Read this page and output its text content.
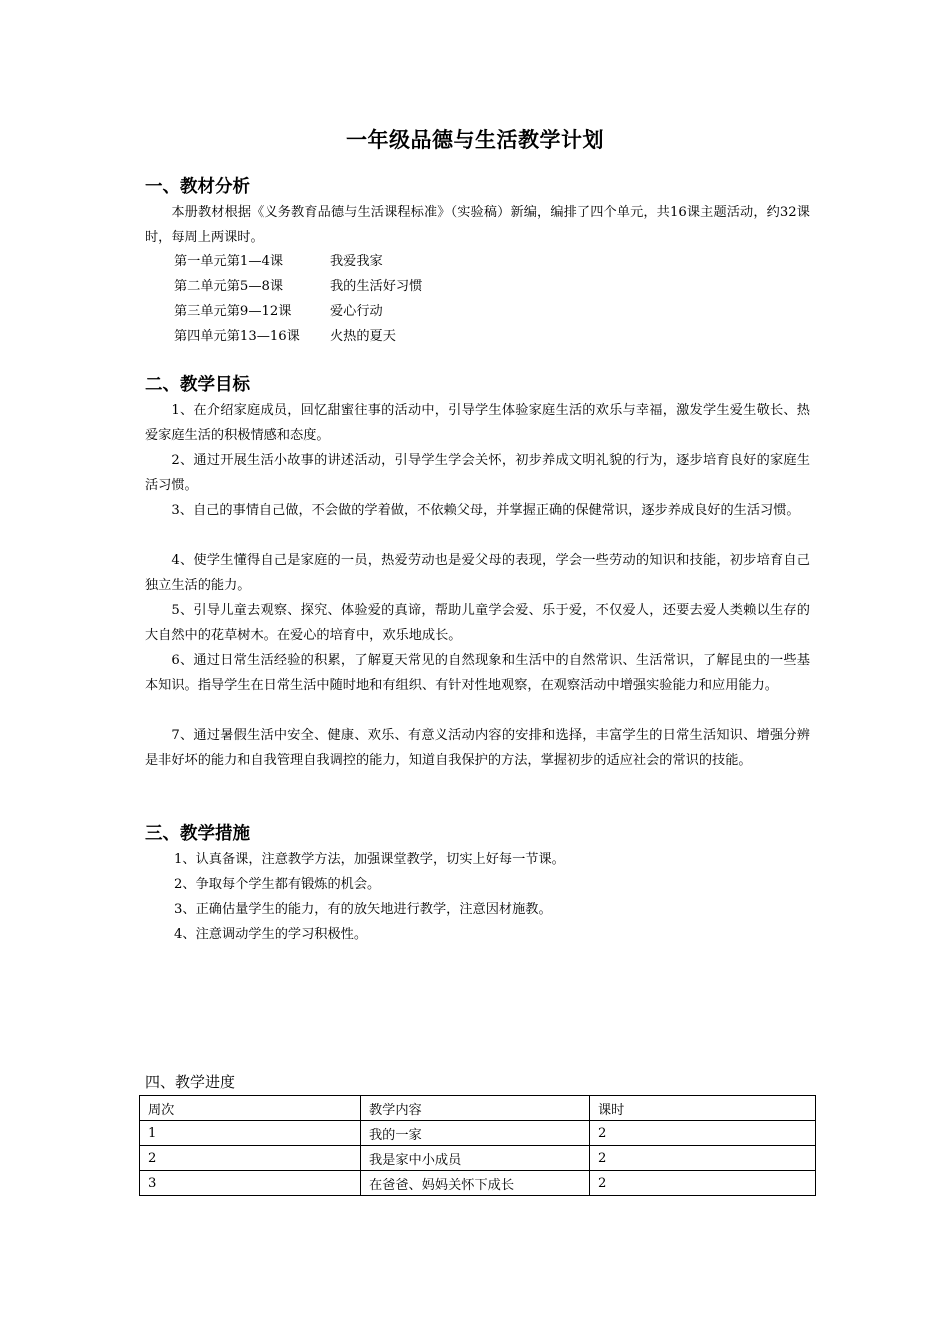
一年级品德与生活教学计划
一、教材分析
本册教材根据《义务教育品德与生活课程标准》（实验稿）新编，编排了四个单元，共16课主题活动，约32课时，每周上两课时。
第一单元第1—4课	我爱我家
第二单元第5—8课	我的生活好习惯
第三单元第9—12课	爱心行动
第四单元第13—16课 火热的夏天
二、教学目标
1、在介绍家庭成员，回忆甜蜜往事的活动中，引导学生体验家庭生活的欢乐与幸福，激发学生爱生敬长、热爱家庭生活的积极情感和态度。
2、通过开展生活小故事的讲述活动，引导学生学会关怀，初步养成文明礼貌的行为，逐步培育良好的家庭生活习惯。
3、自己的事情自己做，不会做的学着做，不依赖父母，并掌握正确的保健常识，逐步养成良好的生活习惯。
4、使学生懂得自己是家庭的一员，热爱劳动也是爱父母的表现，学会一些劳动的知识和技能，初步培育自己独立生活的能力。
5、引导儿童去观察、探究、体验爱的真谛，帮助儿童学会爱、乐于爱，不仅爱人，还要去爱人类赖以生存的大自然中的花草树木。在爱心的培育中，欢乐地成长。
6、通过日常生活经验的积累，了解夏天常见的自然现象和生活中的自然常识、生活常识，了解昆虫的一些基本知识。指导学生在日常生活中随时地和有组织、有针对性地观察，在观察活动中增强实验能力和应用能力。
7、通过暑假生活中安全、健康、欢乐、有意义活动内容的安排和选择，丰富学生的日常生活知识、增强分辨是非好坏的能力和自我管理自我调控的能力，知道自我保护的方法，掌握初步的适应社会的常识的技能。
三、教学措施
1、认真备课，注意教学方法，加强课堂教学，切实上好每一节课。
2、争取每个学生都有锻炼的机会。
3、正确估量学生的能力，有的放矢地进行教学，注意因材施教。
4、注意调动学生的学习积极性。
四、教学进度
周次	教学内容	课时
1	我的一家	2
2	我是家中小成员	2
3	在爸爸、妈妈关怀下成长	2
